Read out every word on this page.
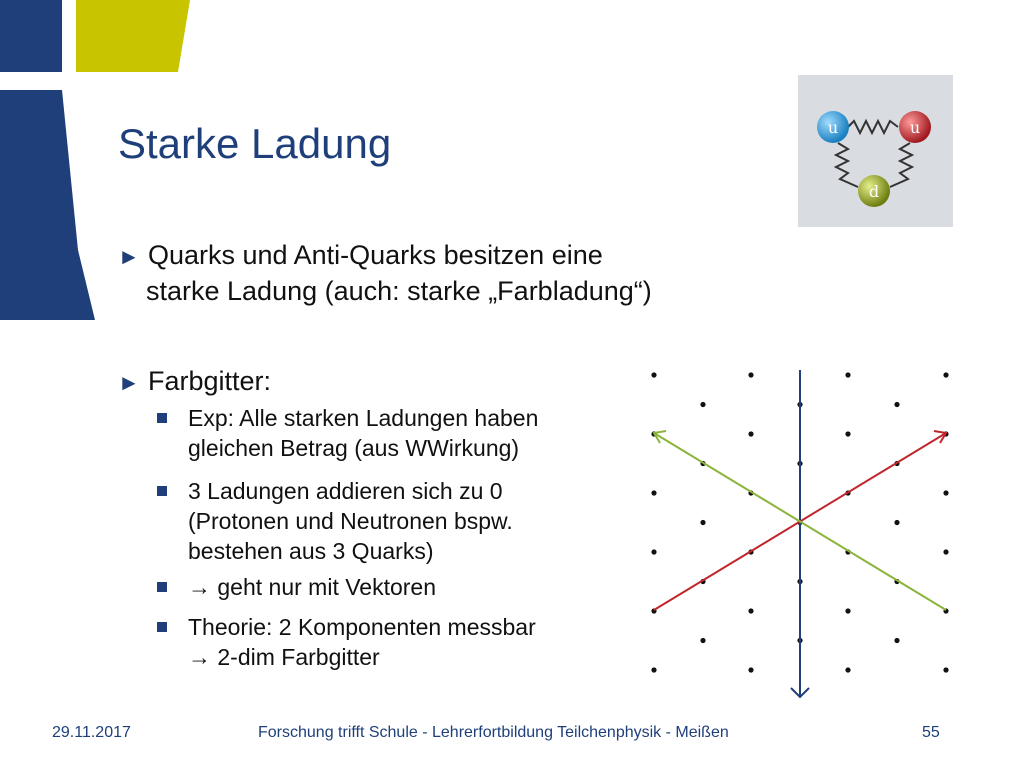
Starke Ladung
► Quarks und Anti-Quarks besitzen eine
starke Ladung (auch: starke „Farbladung“)
► Farbgitter:
Exp: Alle starken Ladungen haben
gleichen Betrag (aus WWirkung)
3 Ladungen addieren sich zu 0
(Protonen und Neutronen bspw.
bestehen aus 3 Quarks)
→ geht nur mit Vektoren
Theorie: 2 Komponenten messbar
→ 2-dim Farbgitter
u	u
d
29.11.2017	Forschung trifft Schule - Lehrerfortbildung Teilchenphysik - Meißen	55
